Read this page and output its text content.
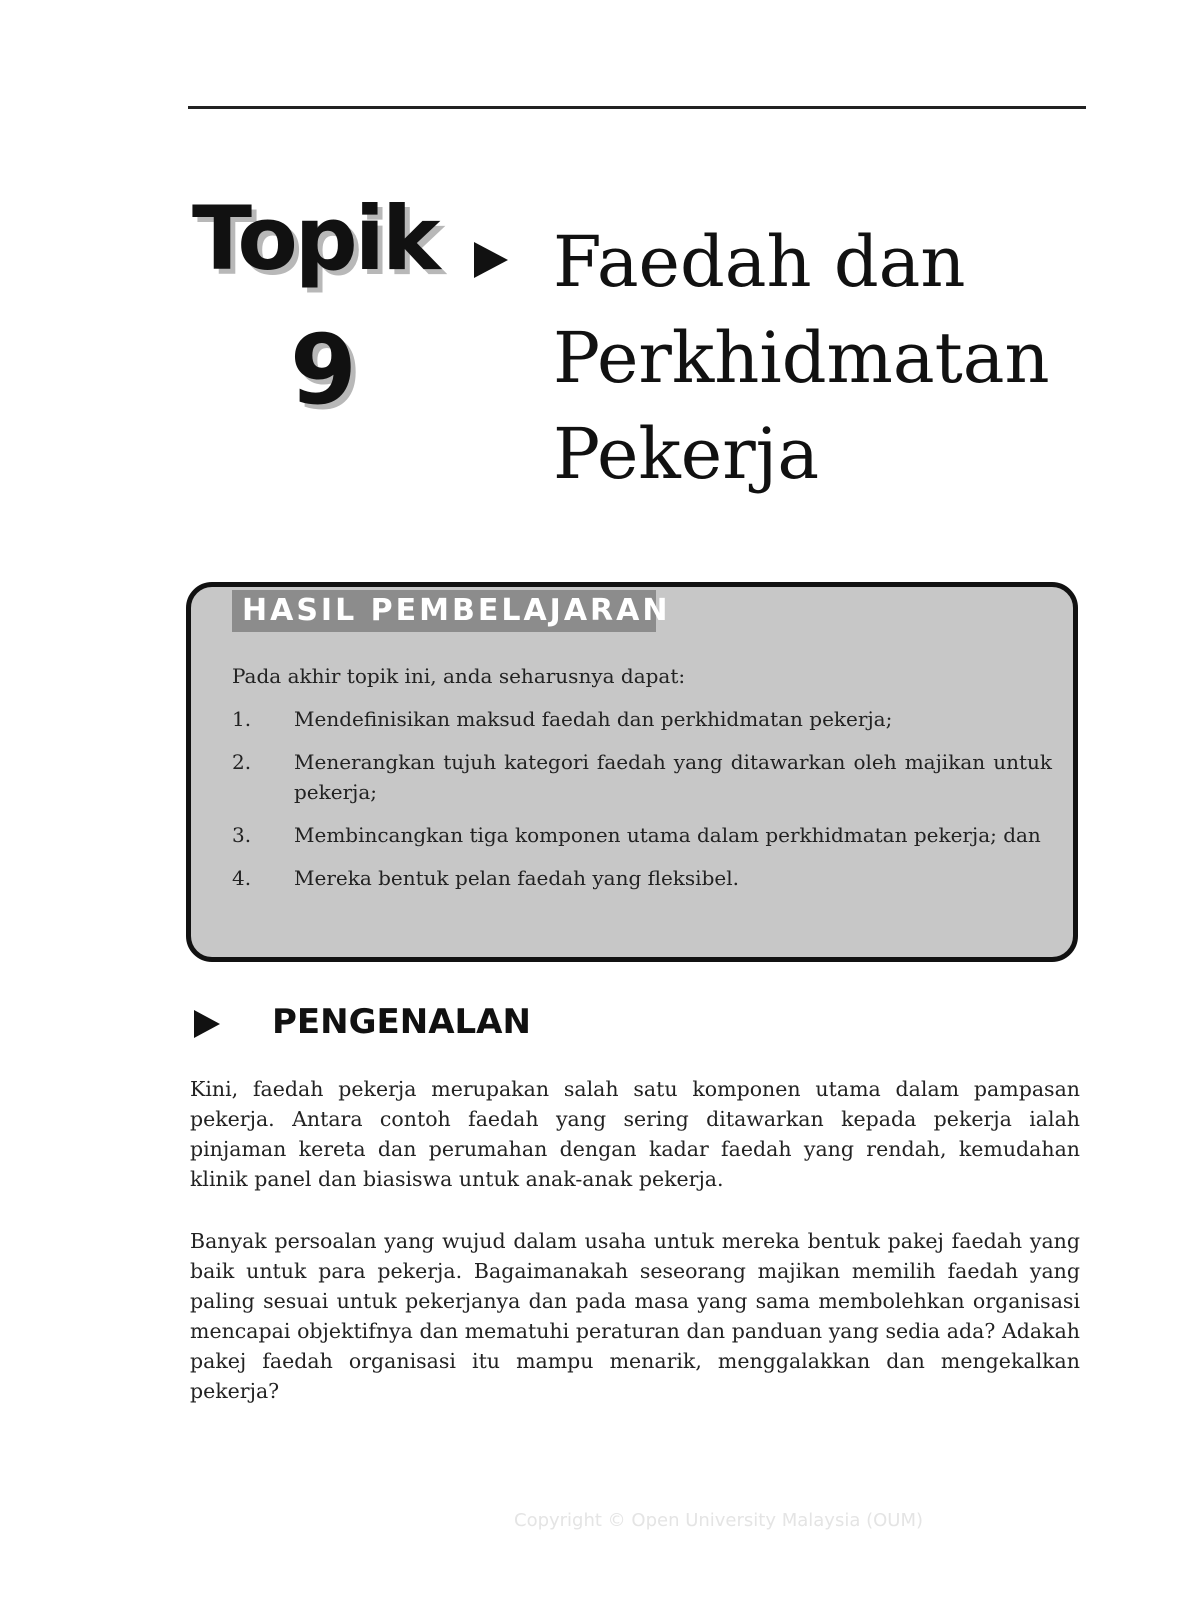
Topik
9
Faedah dan
Perkhidmatan
Pekerja
HASIL PEMBELAJARAN
Pada akhir topik ini, anda seharusnya dapat:
1. Mendefinisikan maksud faedah dan perkhidmatan pekerja;
2. Menerangkan tujuh kategori faedah yang ditawarkan oleh majikan untuk pekerja;
3. Membincangkan tiga komponen utama dalam perkhidmatan pekerja; dan
4. Mereka bentuk pelan faedah yang fleksibel.
PENGENALAN

Kini, faedah pekerja merupakan salah satu komponen utama dalam pampasan pekerja. Antara contoh faedah yang sering ditawarkan kepada pekerja ialah pinjaman kereta dan perumahan dengan kadar faedah yang rendah, kemudahan klinik panel dan biasiswa untuk anak-anak pekerja.

Banyak persoalan yang wujud dalam usaha untuk mereka bentuk pakej faedah yang baik untuk para pekerja. Bagaimanakah seseorang majikan memilih faedah yang paling sesuai untuk pekerjanya dan pada masa yang sama membolehkan organisasi mencapai objektifnya dan mematuhi peraturan dan panduan yang sedia ada? Adakah pakej faedah organisasi itu mampu menarik, menggalakkan dan mengekalkan pekerja?

Copyright © Open University Malaysia (OUM)
